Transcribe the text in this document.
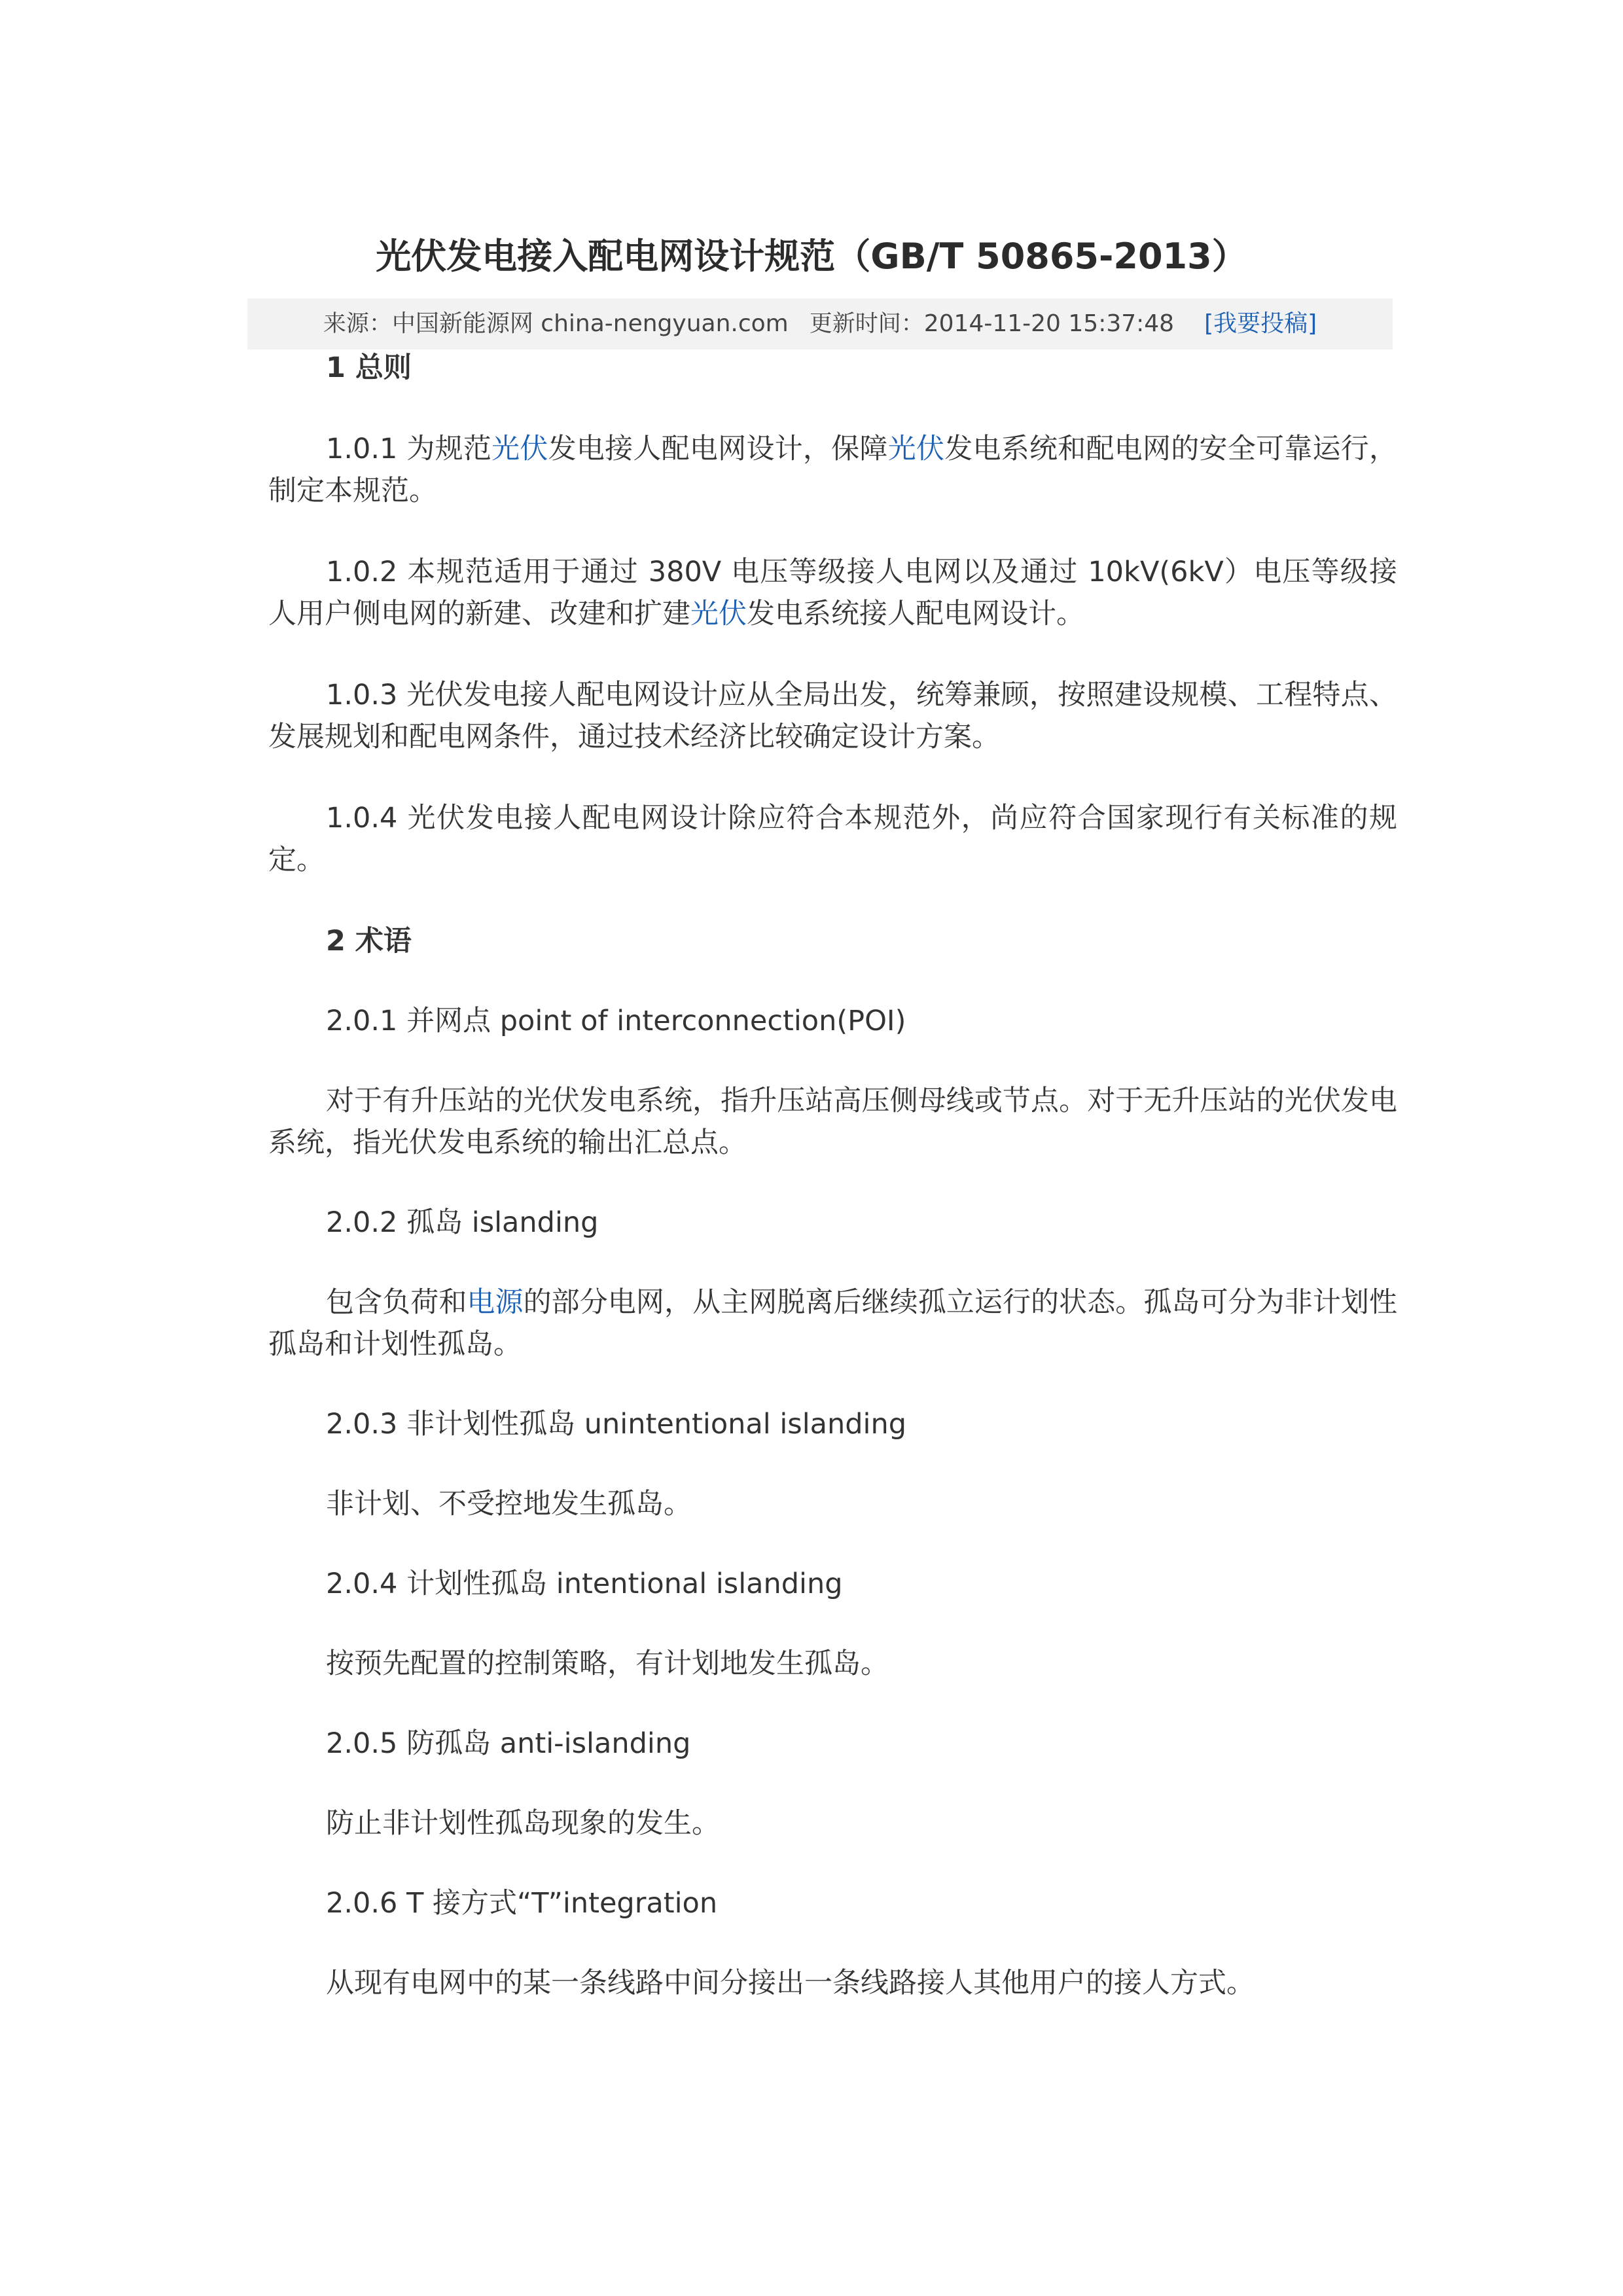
光伏发电接入配电网设计规范（GB/T 50865-2013）
来源：中国新能源网 china-nengyuan.com 更新时间：2014-11-20 15:37:48 [我要投稿]

1 总则

1.0.1 为规范光伏发电接人配电网设计，保障光伏发电系统和配电网的安全可靠运行，制定本规范。

1.0.2 本规范适用于通过 380V 电压等级接人电网以及通过 10kV(6kV）电压等级接人用户侧电网的新建、改建和扩建光伏发电系统接人配电网设计。

1.0.3 光伏发电接人配电网设计应从全局出发，统筹兼顾，按照建设规模、工程特点、发展规划和配电网条件，通过技术经济比较确定设计方案。

1.0.4 光伏发电接人配电网设计除应符合本规范外，尚应符合国家现行有关标准的规定。

2 术语

2.0.1 并网点 point of interconnection(POI)

对于有升压站的光伏发电系统，指升压站高压侧母线或节点。对于无升压站的光伏发电系统，指光伏发电系统的输出汇总点。

2.0.2 孤岛 islanding

包含负荷和电源的部分电网，从主网脱离后继续孤立运行的状态。孤岛可分为非计划性孤岛和计划性孤岛。

2.0.3 非计划性孤岛 unintentional islanding

非计划、不受控地发生孤岛。

2.0.4 计划性孤岛 intentional islanding

按预先配置的控制策略，有计划地发生孤岛。

2.0.5 防孤岛 anti-islanding

防止非计划性孤岛现象的发生。

2.0.6 T 接方式“T”integration

从现有电网中的某一条线路中间分接出一条线路接人其他用户的接人方式。
